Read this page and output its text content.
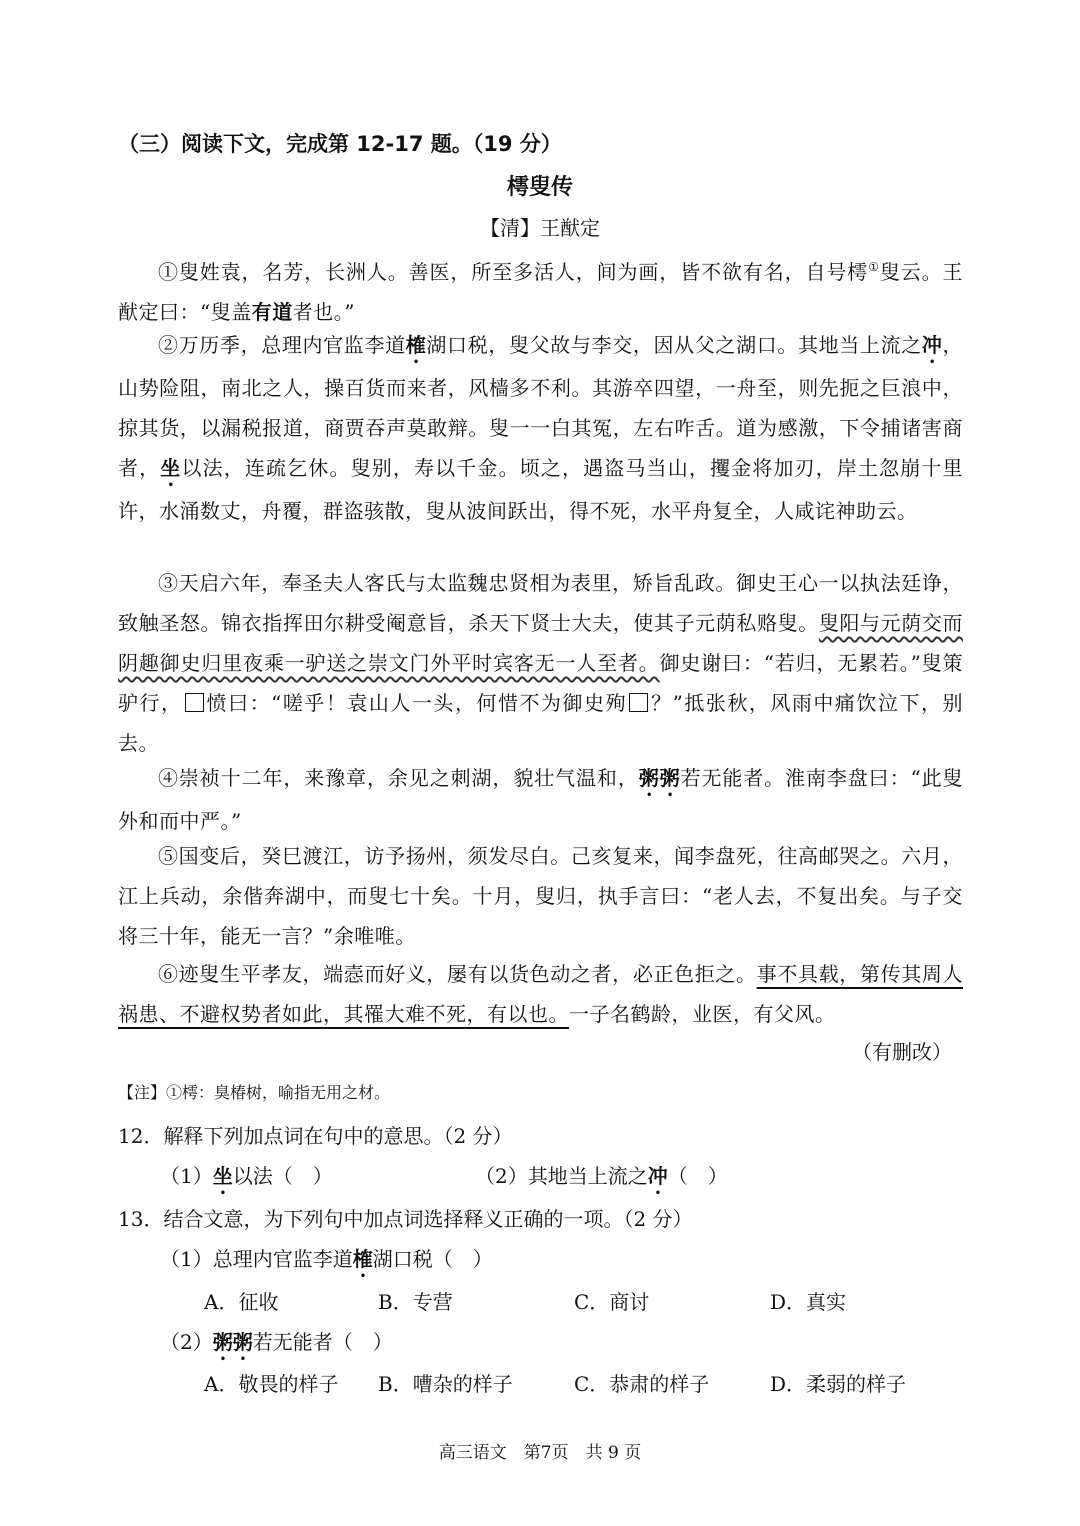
（三）阅读下文，完成第 12-17 题。（19 分）
樗叟传
【清】王猷定
①叟姓袁，名芳，长洲人。善医，所至多活人，间为画，皆不欲有名，自号樗①叟云。王猷定曰：“叟盖有道者也。”
②万历季，总理内官监李道榷湖口税，叟父故与李交，因从父之湖口。其地当上流之冲，山势险阻，南北之人，操百货而来者，风樯多不利。其游卒四望，一舟至，则先扼之巨浪中，掠其货，以漏税报道，商贾吞声莫敢辩。叟一一白其冤，左右咋舌。道为感激，下令捕诸害商者，坐以法，连疏乞休。叟别，寿以千金。顷之，遇盗马当山，攫金将加刃，岸土忽崩十里许，水涌数丈，舟覆，群盗骇散，叟从波间跃出，得不死，水平舟复全，人咸诧神助云。
③天启六年，奉圣夫人客氏与太监魏忠贤相为表里，矫旨乱政。御史王心一以执法廷诤，致触圣怒。锦衣指挥田尔耕受阉意旨，杀天下贤士大夫，使其子元荫私赂叟。叟阳与元荫交而阴趣御史归里夜乘一驴送之崇文门外平时宾客无一人至者。御史谢曰：“若归，无累若。”叟策驴行， 愤曰：“嗟乎！袁山人一头，何惜不为御史殉 ？”抵张秋，风雨中痛饮泣下，别去。
④崇祯十二年，来豫章，余见之刺湖，貌壮气温和，粥粥若无能者。淮南李盘曰：“此叟外和而中严。”
⑤国变后，癸巳渡江，访予扬州，须发尽白。己亥复来，闻李盘死，往高邮哭之。六月，江上兵动，余偕奔湖中，而叟七十矣。十月，叟归，执手言曰：“老人去，不复出矣。与子交将三十年，能无一言？”余唯唯。
⑥迹叟生平孝友，端悫而好义，屡有以货色动之者，必正色拒之。事不具载，第传其周人祸患、不避权势者如此，其罹大难不死，有以也。一子名鹤龄，业医，有父风。
（有删改）
【注】①樗：臭椿树，喻指无用之材。
12．解释下列加点词在句中的意思。（2 分）
（1）坐以法（　）	（2）其地当上流之冲（　）
13．结合文意，为下列句中加点词选择释义正确的一项。（2 分）
（1）总理内官监李道榷湖口税（　）
A．征收	B．专营	C．商讨	D．真实
（2）粥粥若无能者（　）
A．敬畏的样子 B．嘈杂的样子	C．恭肃的样子	D．柔弱的样子
高三语文　第7页　共 9 页
